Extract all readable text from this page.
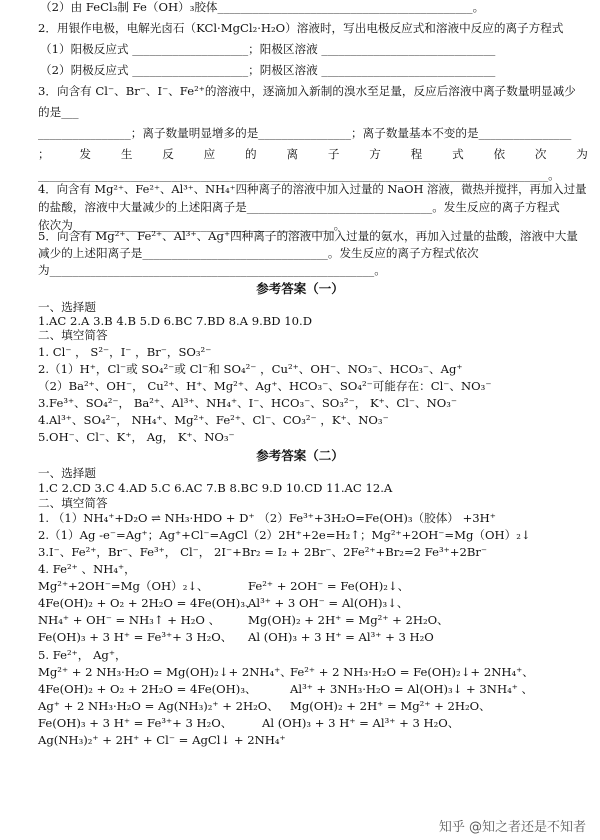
（2）由 FeCl₃制 Fe（OH）₃胶体____________________________________________。
2．用银作电极，电解光卤石（KCl·MgCl₂·H₂O）溶液时，写出电极反应式和溶液中反应的离子方程式
（1）阳极反应式 ____________________；阳极区溶液 ______________________________
（2）阴极反应式 ____________________；阴极区溶液 ______________________________
3．向含有 Cl⁻、Br⁻、I⁻、Fe²⁺的溶液中，逐滴加入新制的溴水至足量，反应后溶液中离子数量明显减少
的是___
________________；离子数量明显增多的是________________；离子数量基本不变的是________________
；	发	生	反	应	的	离	子	方	程	式	依	次	为
________________________________________________________________________________________。
4．向含有 Mg²⁺、Fe²⁺、Al³⁺、NH₄⁺四种离子的溶液中加入过量的 NaOH 溶液，微热并搅拌，再加入过量
的盐酸，溶液中大量减少的上述阳离子是________________________________。发生反应的离子方程式
依次为_____________________________________________。
5．向含有 Mg²⁺、Fe²⁺、Al³⁺、Ag⁺四种离子的溶液中加入过量的氨水，再加入过量的盐酸，溶液中大量
减少的上述阳离子是________________________________。发生反应的离子方程式依次
为________________________________________________________。
参考答案（一）
一、选择题
1.AC 2.A 3.B 4.B 5.D 6.BC 7.BD 8.A 9.BD 10.D
二、填空简答
1. Cl⁻ ， S²⁻，I⁻ ，Br⁻，SO₃²⁻
2.（1）H⁺，Cl⁻或 SO₄²⁻或 Cl⁻和 SO₄²⁻ ，Cu²⁺、OH⁻、NO₃⁻、HCO₃⁻、Ag⁺
（2）Ba²⁺、OH⁻， Cu²⁺、H⁺、Mg²⁺、Ag⁺、HCO₃⁻、SO₄²⁻可能存在：Cl⁻、NO₃⁻
3.Fe³⁺、SO₄²⁻， Ba²⁺、Al³⁺、NH₄⁺、I⁻、HCO₃⁻、SO₃²⁻， K⁺、Cl⁻、NO₃⁻
4.Al³⁺、SO₄²⁻， NH₄⁺、Mg²⁺、Fe²⁺、Cl⁻、CO₃²⁻ ，K⁺、NO₃⁻
5.OH⁻、Cl⁻、K⁺， Ag， K⁺、NO₃⁻
参考答案（二）
一、选择题
1.C 2.CD 3.C 4.AD 5.C 6.AC 7.B 8.BC 9.D 10.CD 11.AC 12.A
二、填空简答
1. （1）NH₄⁺+D₂O ⇌ NH₃·HDO + D⁺ （2）Fe³⁺+3H₂O=Fe(OH)₃（胶体） +3H⁺
2.（1）Ag -e⁻=Ag⁺；Ag⁺+Cl⁻=AgCl（2）2H⁺+2e=H₂↑；Mg²⁺+2OH⁻=Mg（OH）₂↓
3.I⁻、Fe²⁺，Br⁻、Fe³⁺， Cl⁻， 2I⁻+Br₂ = I₂ + 2Br⁻、2Fe²⁺+Br₂=2 Fe³⁺+2Br⁻
4. Fe²⁺ 、NH₄⁺，
Mg²⁺+2OH⁻=Mg（OH）₂↓、	Fe²⁺ + 2OH⁻ = Fe(OH)₂↓、
4Fe(OH)₂ + O₂ + 2H₂O = 4Fe(OH)₃、
Al³⁺ + 3 OH⁻ = Al(OH)₃↓、
NH₄⁺ + OH⁻ = NH₃↑ + H₂O 、 Mg(OH)₂ + 2H⁺ = Mg²⁺ + 2H₂O、
Fe(OH)₃ + 3 H⁺ = Fe³⁺+ 3 H₂O、 Al (OH)₃ + 3 H⁺ = Al³⁺ + 3 H₂O
5. Fe²⁺， Ag⁺，
Mg²⁺ + 2 NH₃·H₂O = Mg(OH)₂↓+ 2NH₄⁺、
Fe²⁺ + 2 NH₃·H₂O = Fe(OH)₂↓+ 2NH₄⁺、
4Fe(OH)₂ + O₂ + 2H₂O = 4Fe(OH)₃、	Al³⁺ + 3NH₃·H₂O = Al(OH)₃↓ + 3NH₄⁺ 、
Ag⁺ + 2 NH₃·H₂O = Ag(NH₃)₂⁺ + 2H₂O、 Mg(OH)₂ + 2H⁺ = Mg²⁺ + 2H₂O、
Fe(OH)₃ + 3 H⁺ = Fe³⁺+ 3 H₂O、	Al (OH)₃ + 3 H⁺ = Al³⁺ + 3 H₂O、
Ag(NH₃)₂⁺ + 2H⁺ + Cl⁻ = AgCl↓ + 2NH₄⁺
知乎 @知之者还是不知者
